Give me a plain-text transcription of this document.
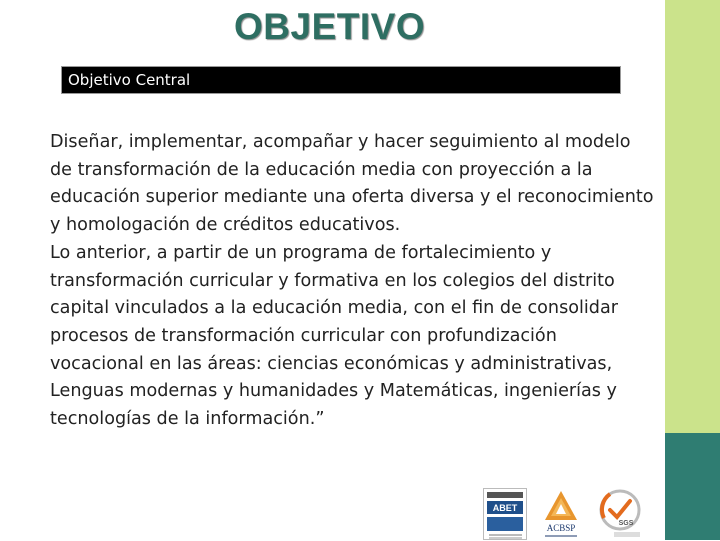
OBJETIVO
Objetivo Central

Diseñar, implementar, acompañar y hacer seguimiento al modelo de transformación de la educación media con proyección a la educación superior mediante una oferta diversa y el reconocimiento y homologación de créditos educativos.

Lo anterior, a partir de un programa de fortalecimiento y transformación curricular y formativa en los colegios del distrito capital vinculados a la educación media, con el fin de consolidar procesos de transformación curricular con profundización vocacional en las áreas: ciencias económicas y administrativas, Lenguas modernas y humanidades y Matemáticas, ingenierías y tecnologías de la información.”

ABET
ACBSP	SGS
